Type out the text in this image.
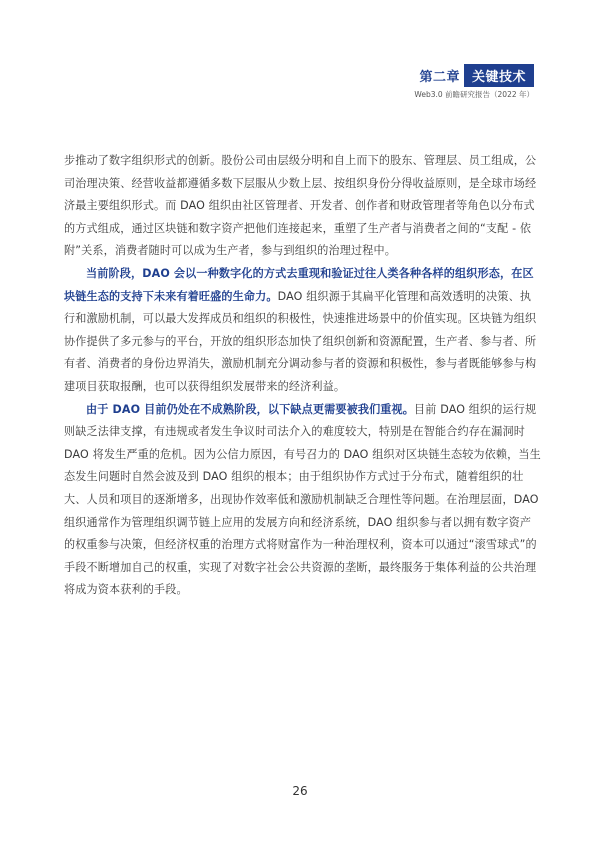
第二章 关键技术
Web3.0 前瞻研究报告（2022 年）

步推动了数字组织形式的创新。股份公司由层级分明和自上而下的股东、管理层、员工组成，公司治理决策、经营收益都遵循多数下层服从少数上层、按组织身份分得收益原则，是全球市场经济最主要组织形式。而 DAO 组织由社区管理者、开发者、创作者和财政管理者等角色以分布式的方式组成，通过区块链和数字资产把他们连接起来，重塑了生产者与消费者之间的“支配 - 依附”关系，消费者随时可以成为生产者，参与到组织的治理过程中。

当前阶段，DAO 会以一种数字化的方式去重现和验证过往人类各种各样的组织形态，在区块链生态的支持下未来有着旺盛的生命力。DAO 组织源于其扁平化管理和高效透明的决策、执行和激励机制，可以最大发挥成员和组织的积极性，快速推进场景中的价值实现。区块链为组织协作提供了多元参与的平台，开放的组织形态加快了组织创新和资源配置，生产者、参与者、所有者、消费者的身份边界消失，激励机制充分调动参与者的资源和积极性，参与者既能够参与构建项目获取报酬，也可以获得组织发展带来的经济利益。

由于 DAO 目前仍处在不成熟阶段，以下缺点更需要被我们重视。目前 DAO 组织的运行规则缺乏法律支撑，有违规或者发生争议时司法介入的难度较大，特别是在智能合约存在漏洞时 DAO 将发生严重的危机。因为公信力原因，有号召力的 DAO 组织对区块链生态较为依赖，当生态发生问题时自然会波及到 DAO 组织的根本；由于组织协作方式过于分布式，随着组织的壮大、人员和项目的逐渐增多，出现协作效率低和激励机制缺乏合理性等问题。在治理层面，DAO 组织通常作为管理组织调节链上应用的发展方向和经济系统，DAO 组织参与者以拥有数字资产的权重参与决策，但经济权重的治理方式将财富作为一种治理权利，资本可以通过“滚雪球式”的手段不断增加自己的权重，实现了对数字社会公共资源的垄断，最终服务于集体利益的公共治理将成为资本获利的手段。

26
